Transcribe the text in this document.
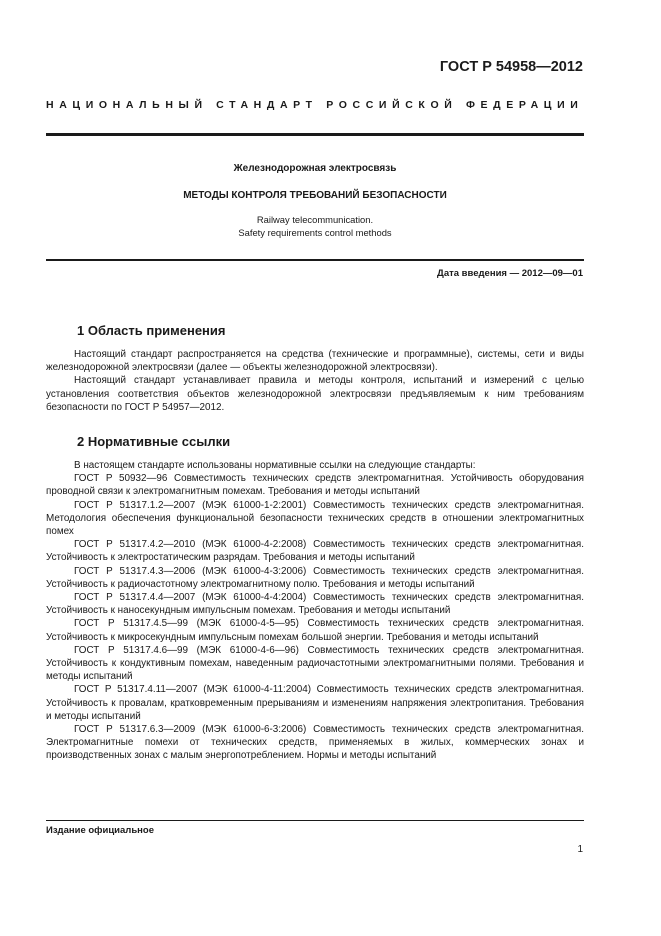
ГОСТ Р 54958—2012
НАЦИОНАЛЬНЫЙ СТАНДАРТ РОССИЙСКОЙ ФЕДЕРАЦИИ
Железнодорожная электросвязь
МЕТОДЫ КОНТРОЛЯ ТРЕБОВАНИЙ БЕЗОПАСНОСТИ
Railway telecommunication.
Safety requirements control methods
Дата введения — 2012—09—01
1 Область применения

Настоящий стандарт распространяется на средства (технические и программные), системы, сети и виды железнодорожной электросвязи (далее — объекты железнодорожной электросвязи).

Настоящий стандарт устанавливает правила и методы контроля, испытаний и измерений с целью установления соответствия объектов железнодорожной электросвязи предъявляемым к ним требованиям безопасности по ГОСТ Р 54957—2012.

2 Нормативные ссылки

В настоящем стандарте использованы нормативные ссылки на следующие стандарты:

ГОСТ Р 50932—96 Совместимость технических средств электромагнитная. Устойчивость оборудования проводной связи к электромагнитным помехам. Требования и методы испытаний

ГОСТ Р 51317.1.2—2007 (МЭК 61000-1-2:2001) Совместимость технических средств электромагнитная. Методология обеспечения функциональной безопасности технических средств в отношении электромагнитных помех

ГОСТ Р 51317.4.2—2010 (МЭК 61000-4-2:2008) Совместимость технических средств электромагнитная. Устойчивость к электростатическим разрядам. Требования и методы испытаний

ГОСТ Р 51317.4.3—2006 (МЭК 61000-4-3:2006) Совместимость технических средств электромагнитная. Устойчивость к радиочастотному электромагнитному полю. Требования и методы испытаний

ГОСТ Р 51317.4.4—2007 (МЭК 61000-4-4:2004) Совместимость технических средств электромагнитная. Устойчивость к наносекундным импульсным помехам. Требования и методы испытаний

ГОСТ Р 51317.4.5—99 (МЭК 61000-4-5—95) Совместимость технических средств электромагнитная. Устойчивость к микросекундным импульсным помехам большой энергии. Требования и методы испытаний

ГОСТ Р 51317.4.6—99 (МЭК 61000-4-6—96) Совместимость технических средств электромагнитная. Устойчивость к кондуктивным помехам, наведенным радиочастотными электромагнитными полями. Требования и методы испытаний

ГОСТ Р 51317.4.11—2007 (МЭК 61000-4-11:2004) Совместимость технических средств электромагнитная. Устойчивость к провалам, кратковременным прерываниям и изменениям напряжения электропитания. Требования и методы испытаний

ГОСТ Р 51317.6.3—2009 (МЭК 61000-6-3:2006) Совместимость технических средств электромагнитная. Электромагнитные помехи от технических средств, применяемых в жилых, коммерческих зонах и производственных зонах с малым энергопотреблением. Нормы и методы испытаний

Издание официальное
1
